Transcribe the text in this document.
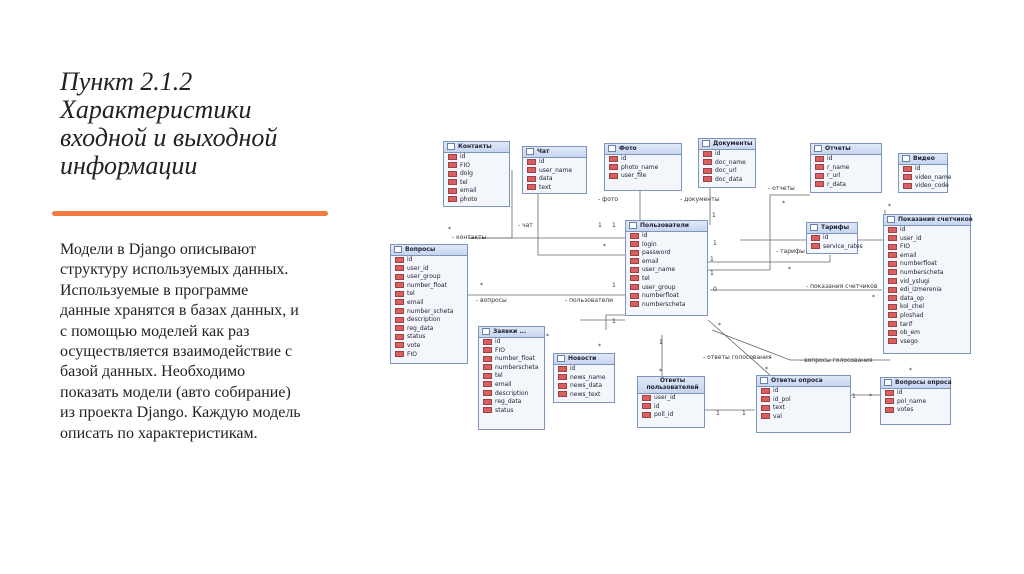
Пункт 2.1.2
Характеристики
входной и выходной
информации
Модели в Django описывают
структуру используемых данных.
Используемые в программе
данные хранятся в базах данных, и
с помощью моделей как раз
осуществляется взаимодействие с
базой данных. Необходимо
показать модели (авто собирание)
из проекта Django. Каждую модель
описать по характеристикам.
Контакты
id
FIO
dolg
tel
email
photo
Чат
id
user_name
data
text
Фото
id
photo_name
user_file
Документы
id
doc_name
doc_url
doc_data
Отчеты
id
r_name
r_url
r_data
Видео
id
video_name
video_code
Тарифы
id
service_rates
Пользователи
id
login
password
email
user_name
tel
user_group
numberfloat
numberscheta
Вопросы
id
user_id
user_group
number_float
tel
email
number_scheta
description
reg_data
status
vote
FIO
Показания счетчиков
id
user_id
FIO
email
numberfloat
numberscheta
vid_yslugi
edi_izmerenia
data_op
kol_chel
ploshad
tarif
ob_em
vsego
Заявки ...
id
FIO
number_float
numberscheta
tel
email
description
reg_data
status
Новости
id
news_name
news_data
news_text
Ответы пользователей
user_id
id
poll_id
Ответы опроса
id
id_pol
text
val
Вопросы опроса
id
pol_name
votes
- контакты
- чат
- фото	- документы
- отчеты
- тарифы
- показания счетчиков
- вопросы	- пользователи
- ответы голосования	- вопросы голосования
*
1
*
1
1
1
1
1
0
*
*
*
*	1
1
*
*
1
*
*
*
1	1
1 *
*
*
